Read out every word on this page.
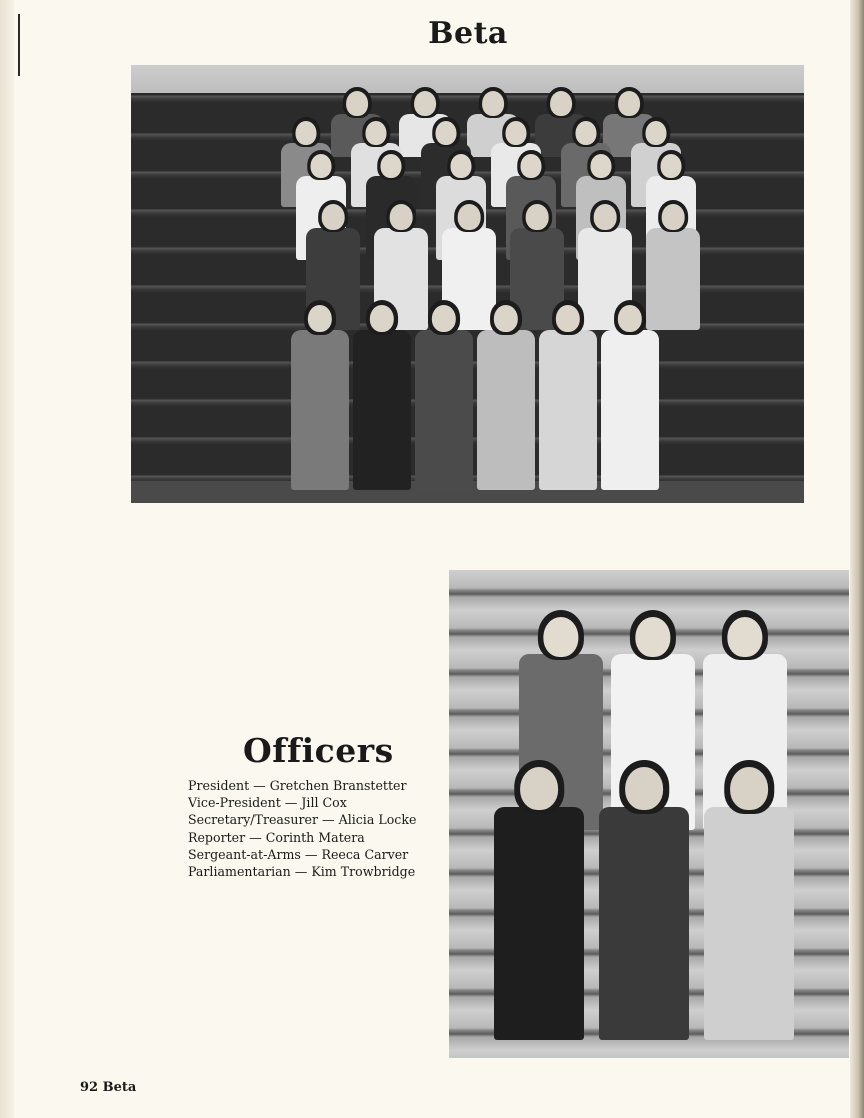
Beta
Officers
President — Gretchen Branstetter
Vice-President — Jill Cox
Secretary/Treasurer — Alicia Locke
Reporter — Corinth Matera
Sergeant-at-Arms — Reeca Carver
Parliamentarian — Kim Trowbridge
92 Beta
